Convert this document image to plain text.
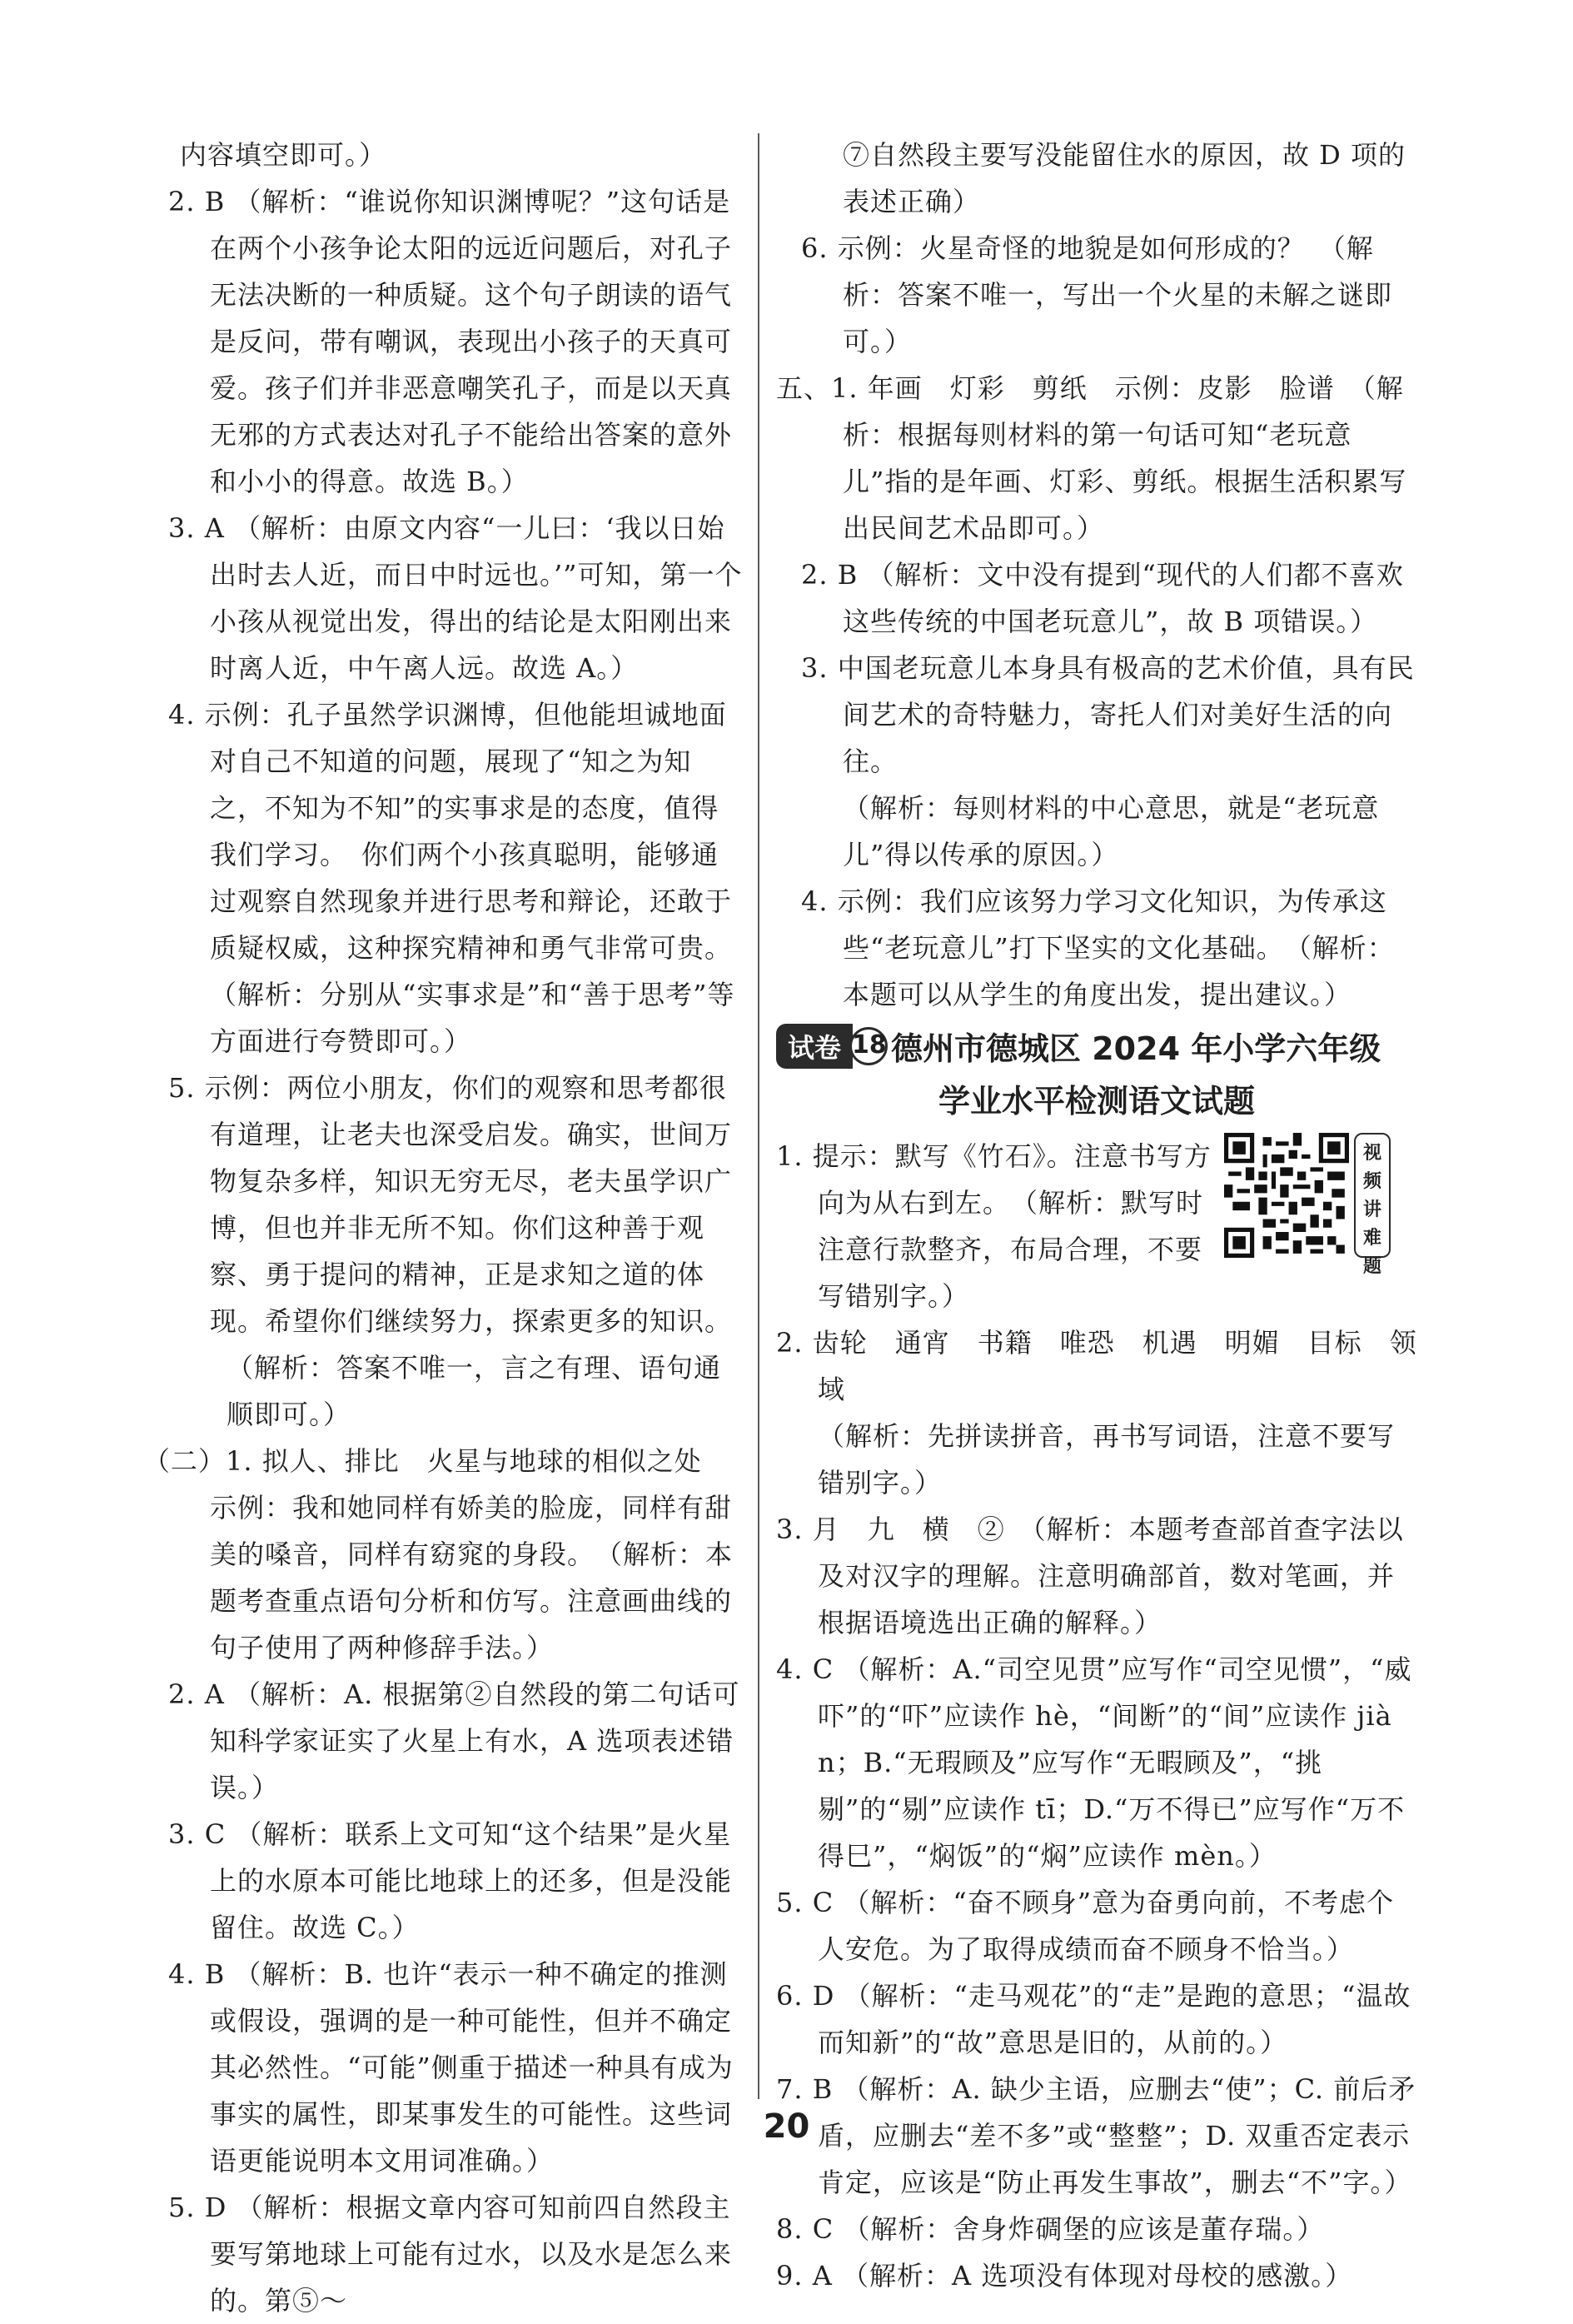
内容填空即可。）

2. B （解析：“谁说你知识渊博呢？”这句话是在两个小孩争论太阳的远近问题后，对孔子无法决断的一种质疑。这个句子朗读的语气是反问，带有嘲讽，表现出小孩子的天真可爱。孩子们并非恶意嘲笑孔子，而是以天真无邪的方式表达对孔子不能给出答案的意外和小小的得意。故选 B。）

3. A （解析：由原文内容“一儿曰：‘我以日始出时去人近，而日中时远也。’”可知，第一个小孩从视觉出发，得出的结论是太阳刚出来时离人近，中午离人远。故选 A。）

4. 示例：孔子虽然学识渊博，但他能坦诚地面对自己不知道的问题，展现了“知之为知之，不知为不知”的实事求是的态度，值得我们学习。　你们两个小孩真聪明，能够通过观察自然现象并进行思考和辩论，还敢于质疑权威，这种探究精神和勇气非常可贵。　（解析：分别从“实事求是”和“善于思考”等方面进行夸赞即可。）

5. 示例：两位小朋友，你们的观察和思考都很有道理，让老夫也深受启发。确实，世间万物复杂多样，知识无穷无尽，老夫虽学识广博，但也并非无所不知。你们这种善于观察、勇于提问的精神，正是求知之道的体现。希望你们继续努力，探索更多的知识。

（解析：答案不唯一，言之有理、语句通顺即可。）

（二）1. 拟人、排比　火星与地球的相似之处　示例：我和她同样有娇美的脸庞，同样有甜美的嗓音，同样有窈窕的身段。　（解析：本题考查重点语句分析和仿写。注意画曲线的句子使用了两种修辞手法。）

2. A （解析：A. 根据第②自然段的第二句话可知科学家证实了火星上有水，A 选项表述错误。）

3. C （解析：联系上文可知“这个结果”是火星上的水原本可能比地球上的还多，但是没能留住。故选 C。）

4. B （解析：B. 也许“表示一种不确定的推测或假设，强调的是一种可能性，但并不确定其必然性。“可能”侧重于描述一种具有成为事实的属性，即某事发生的可能性。这些词语更能说明本文用词准确。）

5. D （解析：根据文章内容可知前四自然段主要写第地球上可能有过水，以及水是怎么来的。第⑤～

⑦自然段主要写没能留住水的原因，故 D 项的表述正确）

6. 示例：火星奇怪的地貌是如何形成的？　（解析：答案不唯一，写出一个火星的未解之谜即可。）

五、1. 年画　灯彩　剪纸　示例：皮影　脸谱　（解析：根据每则材料的第一句话可知“老玩意儿”指的是年画、灯彩、剪纸。根据生活积累写出民间艺术品即可。）

2. B （解析：文中没有提到“现代的人们都不喜欢这些传统的中国老玩意儿”，故 B 项错误。）

3. 中国老玩意儿本身具有极高的艺术价值，具有民间艺术的奇特魅力，寄托人们对美好生活的向往。

（解析：每则材料的中心意思，就是“老玩意儿”得以传承的原因。）

4. 示例：我们应该努力学习文化知识，为传承这些“老玩意儿”打下坚实的文化基础。　（解析：本题可以从学生的角度出发，提出建议。）

试卷 18 德州市德城区 2024 年小学六年级
学业水平检测语文试题

1. 提示：默写《竹石》。注意书写方向为从右到左。　（解析：默写时注意行款整齐，布局合理，不要写错别字。）

视频讲难题

2. 齿轮　通宵　书籍　唯恐　机遇　明媚　目标　领域

（解析：先拼读拼音，再书写词语，注意不要写错别字。）

3. 月　九　横　②　（解析：本题考查部首查字法以及对汉字的理解。注意明确部首，数对笔画，并根据语境选出正确的解释。）

4. C （解析：A.“司空见贯”应写作“司空见惯”，“威吓”的“吓”应读作 hè，“间断”的“间”应读作 jiàn；B.“无瑕顾及”应写作“无暇顾及”，“挑剔”的“剔”应读作 tī；D.“万不得已”应写作“万不得巳”，“焖饭”的“焖”应读作 mèn。）

5. C （解析：“奋不顾身”意为奋勇向前，不考虑个人安危。为了取得成绩而奋不顾身不恰当。）

6. D （解析：“走马观花”的“走”是跑的意思；“温故而知新”的“故”意思是旧的，从前的。）

7. B （解析：A. 缺少主语，应删去“使”；C. 前后矛盾，应删去“差不多”或“整整”；D. 双重否定表示肯定，应该是“防止再发生事故”，删去“不”字。）

8. C （解析：舍身炸碉堡的应该是董存瑞。）

9. A （解析：A 选项没有体现对母校的感激。）

20
